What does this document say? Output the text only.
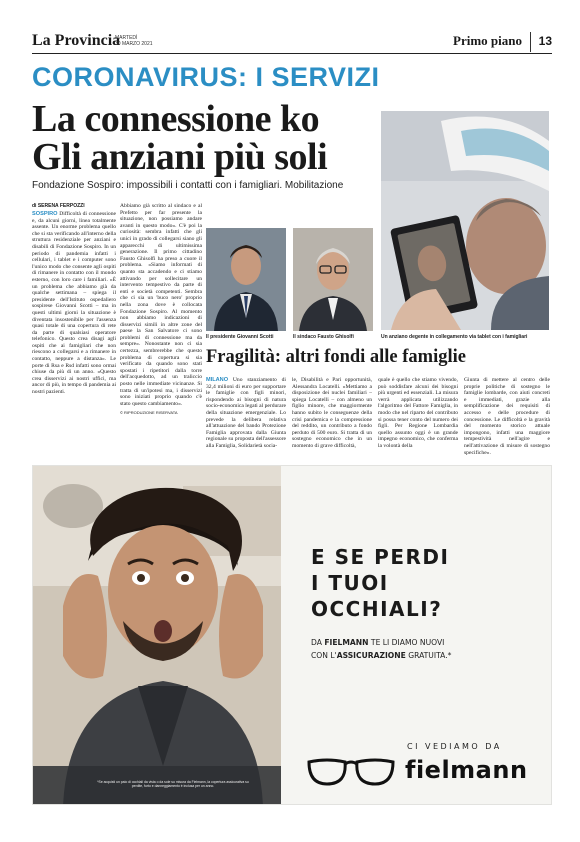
La Provincia
MARTEDÌ
30 MARZO 2021	Primo piano	13
CORONAVIRUS: I SERVIZI
La connessione ko
Gli anziani più soli
Fondazione Sospiro: impossibili i contatti con i famigliari. Mobilitazione
di SERENA FERPOZZI
SOSPIRO Difficoltà di connessione e, da alcuni giorni, linea totalmente assente. Un enorme problema quello che si sta verificando all'interno della struttura residenziale per anziani e disabili di Fondazione Sospiro. In un periodo di pandemia infatti i cellulari, i tablet e i computer sono l'unico modo che consente agli ospiti di rimanere in contatto con il mondo esterno, con loro care i familiari. «È un problema che abbiamo già da qualche settimana – spiega il presidente dell'Istituto ospedaliero sospirese Giovanni Scotti – ma in questi ultimi giorni la situazione è diventata insostenibile per l'assenza quasi totale di una copertura di rete da parte di qualsiasi operatore telefonico. Questo crea disagi agli ospiti che ai famigliari che non riescono a collegarsi e a rimanere in contatto, neppure a distanza». Le porte di Rsa e Rsd infatti sono ormai chiuse da più di un anno. «Questo crea disservizi ai nostri uffici, ma ancor di più, in tempo di pandemia ai nostri pazienti.
Abbiamo già scritto al sindaco e al Prefetto per far presente la situazione, non possiamo andare avanti in questo modo». C'è poi la curiosità: sembra infatti che gli unici in grado di collegarsi siano gli apparecchi di ultimissima generazione. Il primo cittadino Fausto Ghisolfi ha preso a cuore il problema. «Siamo informati di quanto sta accadendo e ci stiamo attivando per sollecitare un intervento tempestivo da parte di enti e società competenti. Sembra che ci sia un 'buco nero' proprio nella zona dove è collocata Fondazione Sospiro. Al momento non abbiamo indicazioni di disservizi simili in altre zone del paese la San Salvatore ci sono problemi di connessione ma da sempre». Nonostante non ci sia certezza, sembrerebbe che questo problema di copertura si sia verificato da quando sono stati spostati i ripetitori dalla torre dell'acquedotto, ad un traliccio posto nelle immediate vicinanze. Si tratta di un'ipotesi ma, i disservizi sono iniziati proprio quando c'è stato questo cambiamento».
© RIPRODUZIONE RISERVATA
Il presidente Giovanni Scotti	Il sindaco Fausto Ghisolfi	Un anziano degente in collegamento via tablet con i famigliari
Fragilità: altri fondi alle famiglie
MILANO Uno stanziamento di 32,4 milioni di euro per supportare le famiglie con figli minori, rispondendo ai bisogni di natura socio-economica legati al perdurare della situazione emergenziale. Lo prevede la delibera relativa all'attuazione del bando Protezione Famiglia approvata dalla Giunta regionale su proposta dell'assessore alla Famiglia, Solidarietà socia-
le, Disabilità e Pari opportunità, Alessandra Locatelli. «Mettiamo a disposizione dei nuclei familiari – spiega Locatelli – con almeno un figlio minore, che maggiormente hanno subito le conseguenze della crisi pandemica e la compressione del reddito, un contributo a fondo perduto di 500 euro. Si tratta di un sostegno economico che in un momento di grave difficoltà,
quale è quello che stiamo vivendo, può soddisfare alcuni dei bisogni più urgenti ed essenziali. La misura verrà applicata utilizzando l'algoritmo del Fattore Famiglia, in modo che nel riparto del contributo si possa tener conto del numero dei figli. Per Regione Lombardia quello assunto oggi è un grande impegno economico, che conferma la volontà della
Giunta di mettere al centro delle proprie politiche di sostegno le famiglie lombarde, con aiuti concreti e immediati, grazie alla semplificazione dei requisiti di accesso e delle procedure di concessione. Le difficoltà e la gravità del momento storico attuale impongono, infatti una maggiore tempestività nell'agire e nell'attivazione di misure di sostegno specifiche».
*Se acquisti un paio di occhiali da vista o da sole su misura da Fielmann, la copertura assicurativa su perdite, furto e danneggiamento è inclusa per un anno.
E SE PERDI
I TUOI
OCCHIALI?
DA FIELMANN TE LI DIAMO NUOVI
CON L'ASSICURAZIONE GRATUITA.*
CI VEDIAMO DA
fielmann
